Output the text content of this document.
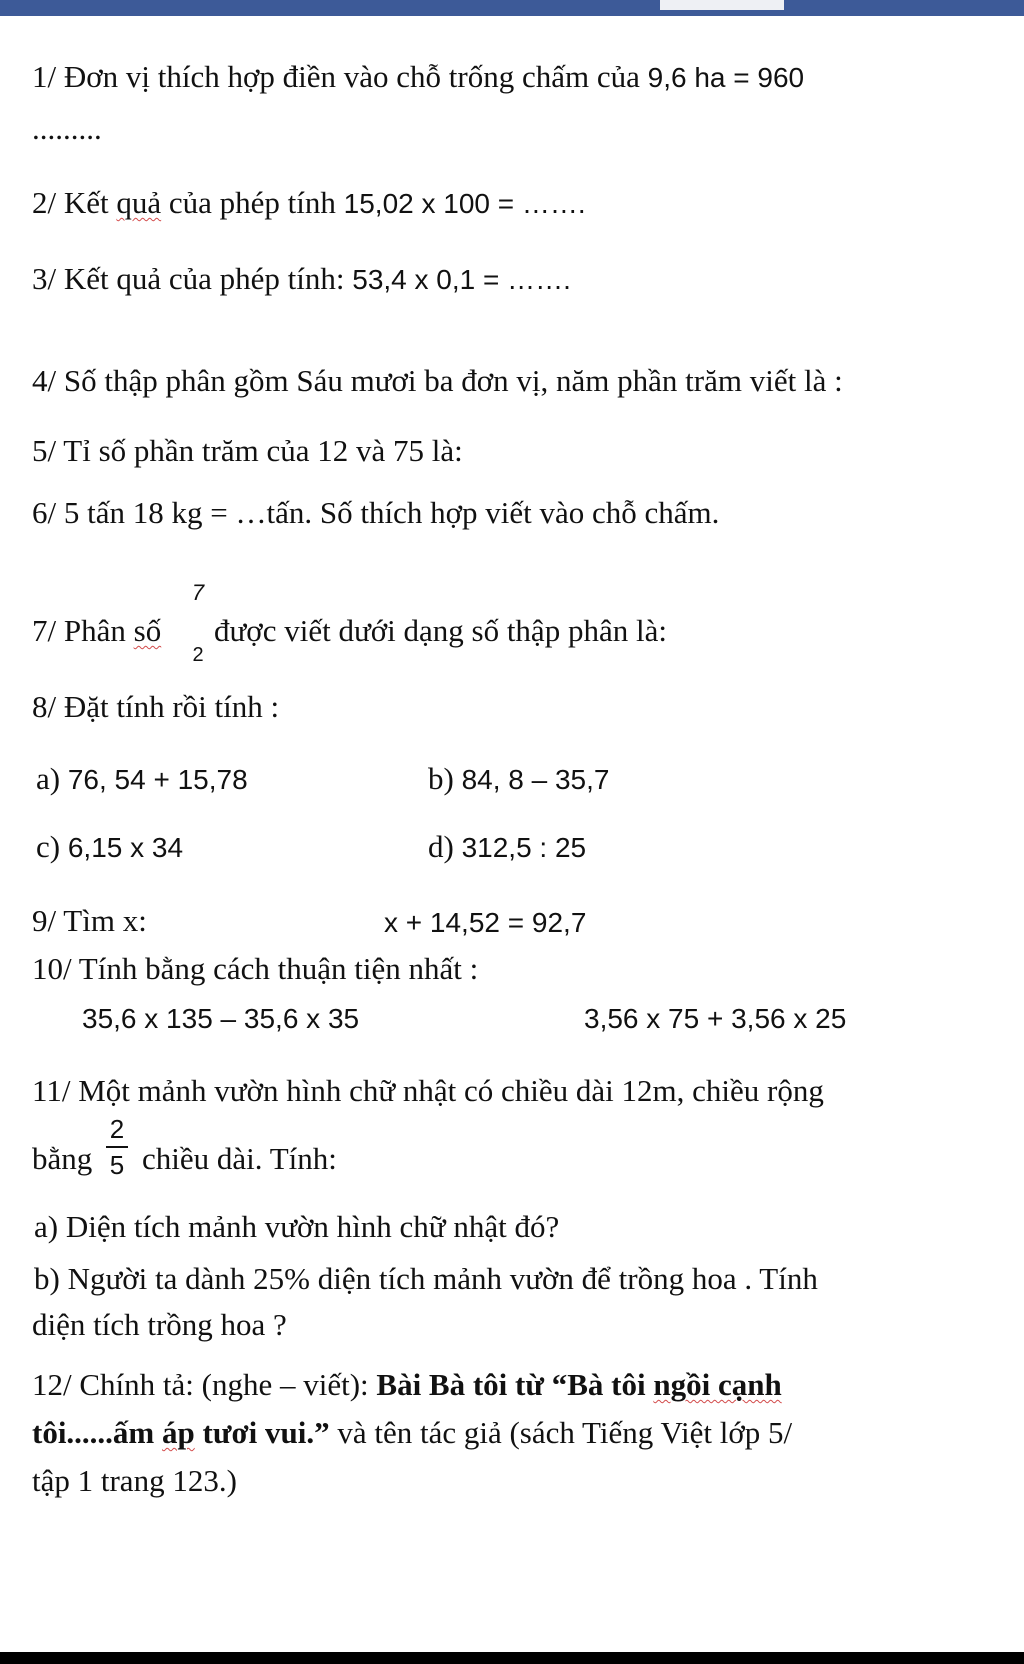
1/ Đơn vị thích hợp điền vào chỗ trống chấm của 9,6 ha = 960
.........
2/ Kết quả của phép tính 15,02 x 100 = …….
3/ Kết quả của phép tính: 53,4 x 0,1 = …….
4/ Số thập phân gồm Sáu mươi ba đơn vị, năm phần trăm viết là :
5/ Tỉ số phần trăm của 12 và 75 là:
6/ 5 tấn 18 kg = …tấn. Số thích hợp viết vào chỗ chấm.
7/ Phân số
7
2
được viết dưới dạng số thập phân là:
8/ Đặt tính rồi tính :
a) 76, 54 + 15,78	b) 84, 8 – 35,7
c) 6,15 x 34	d) 312,5 : 25
9/ Tìm x:	x + 14,52 = 92,7
10/ Tính bằng cách thuận tiện nhất :
35,6 x 135 – 35,6 x 35	3,56 x 75 + 3,56 x 25
11/ Một mảnh vườn hình chữ nhật có chiều dài 12m, chiều rộng
bằng
2
5 chiều dài. Tính:
a) Diện tích mảnh vườn hình chữ nhật đó?
b) Người ta dành 25% diện tích mảnh vườn để trồng hoa . Tính
diện tích trồng hoa ?
12/ Chính tả: (nghe – viết): Bài Bà tôi từ “Bà tôi ngồi cạnh
tôi......ấm áp tươi vui.” và tên tác giả (sách Tiếng Việt lớp 5/
tập 1 trang 123.)
